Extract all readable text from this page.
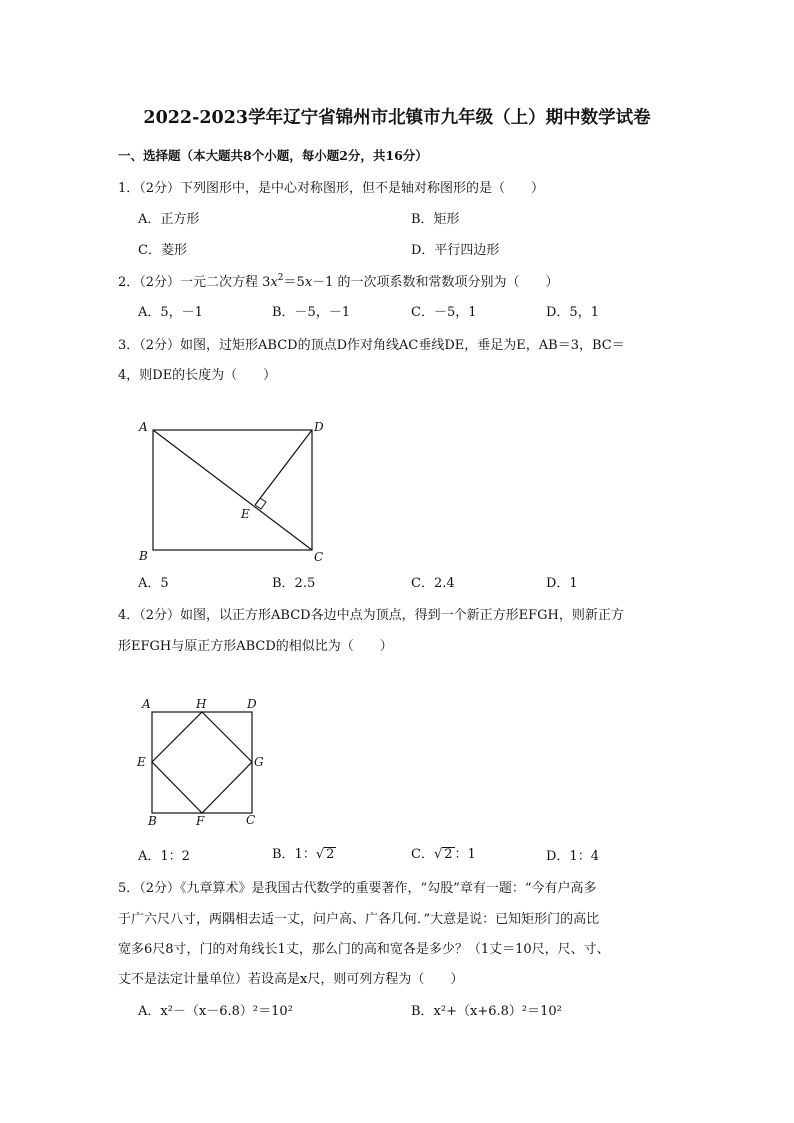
2022-2023学年辽宁省锦州市北镇市九年级（上）期中数学试卷
一、选择题（本大题共8个小题，每小题2分，共16分）
1．（2分）下列图形中，是中心对称图形，但不是轴对称图形的是（　　）
A．正方形	B．矩形
C．菱形	D．平行四边形
2．（2分）一元二次方程 $3x^2=5x-1$ 的一次项系数和常数项分别为（　　）
A．5，－1	B．－5，－1	C．－5，1	D．5，1
3．（2分）如图，过矩形ABCD的顶点D作对角线AC垂线DE，垂足为E，AB＝3，BC＝
4，则DE的长度为（　　）
A	D
B	C
E
A．5	B．2.5	C．2.4	D．1
4．（2分）如图，以正方形ABCD各边中点为顶点，得到一个新正方形EFGH，则新正方
形EFGH与原正方形ABCD的相似比为（　　）
A	H	D
E	G
B	F	C
A．1：2	B．1：√ 2	C．√ 2 ：1	D．1：4
5．（2分）《九章算术》是我国古代数学的重要著作，“勾股”章有一题：“今有户高多
于广六尺八寸，两隅相去适一丈，问户高、广各几何．”大意是说：已知矩形门的高比
宽多6尺8寸，门的对角线长1丈，那么门的高和宽各是多少？（1丈＝10尺，尺、寸、
丈不是法定计量单位）若设高是x尺，则可列方程为（　　）
A．x²－（x－6.8）²＝10²	B．x²+（x+6.8）²＝10²
